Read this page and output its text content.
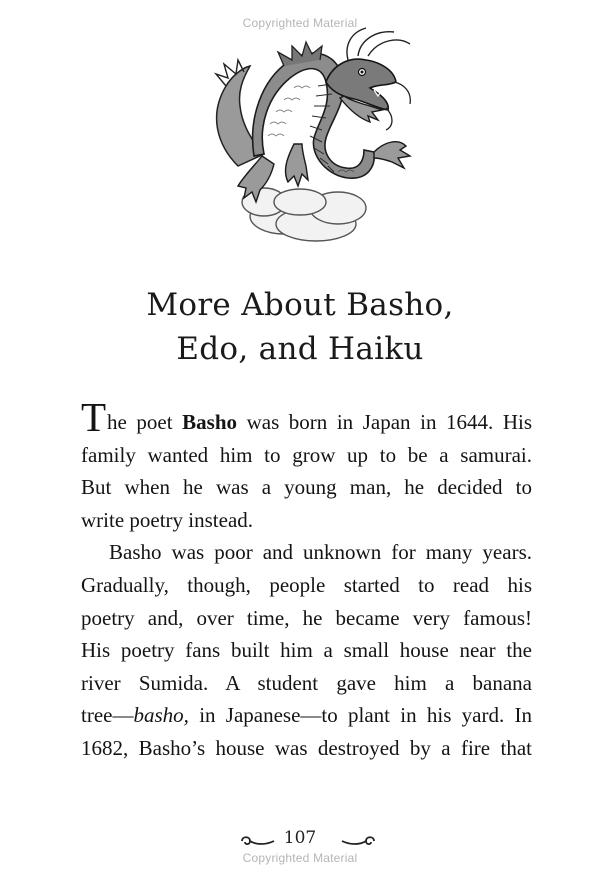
Copyrighted Material
More About Basho,
Edo, and Haiku
The poet Basho was born in Japan in 1644. His
family wanted him to grow up to be a samurai.
But when he was a young man, he decided to
write poetry instead.
Basho was poor and unknown for many years.
Gradually, though, people started to read his
poetry and, over time, he became very famous!
His poetry fans built him a small house near the
river Sumida. A student gave him a banana
tree—basho, in Japanese—to plant in his yard. In
1682, Basho’s house was destroyed by a fire that
107
Copyrighted Material
